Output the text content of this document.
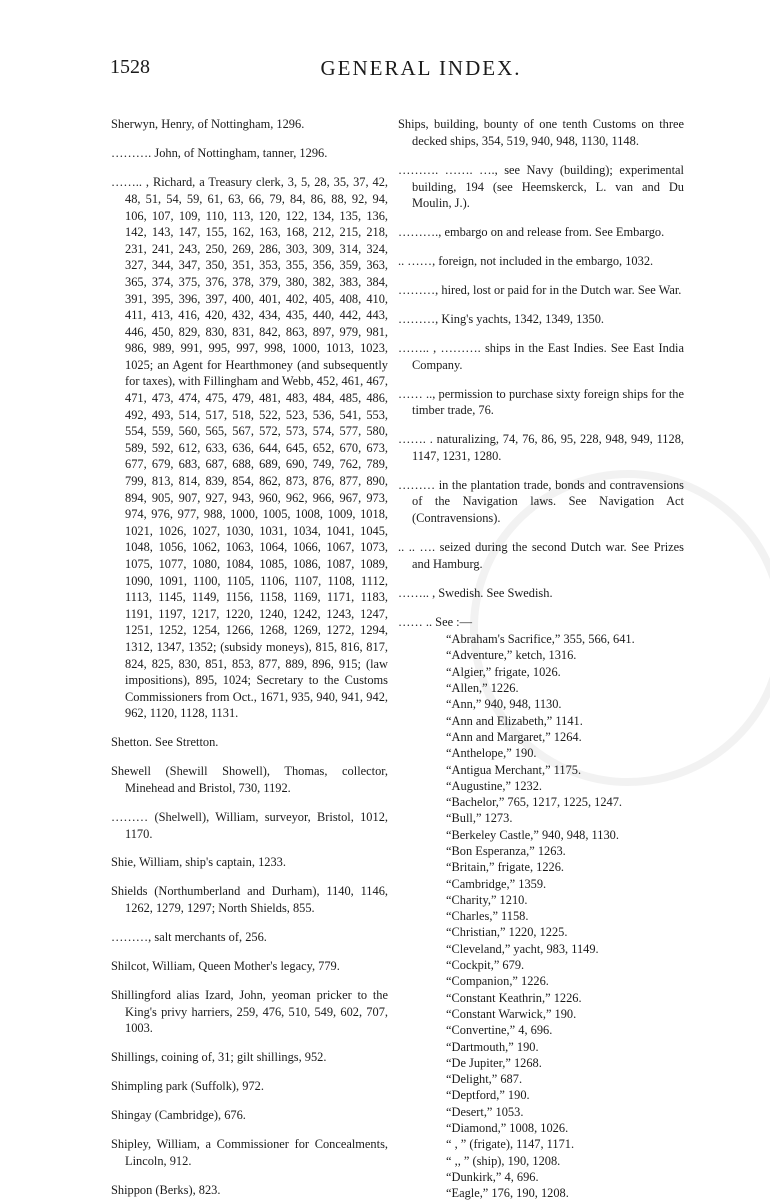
1528	GENERAL INDEX.

Sherwyn, Henry, of Nottingham, 1296.

………. John, of Nottingham, tanner, 1296.

…….. , Richard, a Treasury clerk, 3, 5, 28, 35, 37, 42, 48, 51, 54, 59, 61, 63, 66, 79, 84, 86, 88, 92, 94, 106, 107, 109, 110, 113, 120, 122, 134, 135, 136, 142, 143, 147, 155, 162, 163, 168, 212, 215, 218, 231, 241, 243, 250, 269, 286, 303, 309, 314, 324, 327, 344, 347, 350, 351, 353, 355, 356, 359, 363, 365, 374, 375, 376, 378, 379, 380, 382, 383, 384, 391, 395, 396, 397, 400, 401, 402, 405, 408, 410, 411, 413, 416, 420, 432, 434, 435, 440, 442, 443, 446, 450, 829, 830, 831, 842, 863, 897, 979, 981, 986, 989, 991, 995, 997, 998, 1000, 1013, 1023, 1025; an Agent for Hearthmoney (and subsequently for taxes), with Fillingham and Webb, 452, 461, 467, 471, 473, 474, 475, 479, 481, 483, 484, 485, 486, 492, 493, 514, 517, 518, 522, 523, 536, 541, 553, 554, 559, 560, 565, 567, 572, 573, 574, 577, 580, 589, 592, 612, 633, 636, 644, 645, 652, 670, 673, 677, 679, 683, 687, 688, 689, 690, 749, 762, 789, 799, 813, 814, 839, 854, 862, 873, 876, 877, 890, 894, 905, 907, 927, 943, 960, 962, 966, 967, 973, 974, 976, 977, 988, 1000, 1005, 1008, 1009, 1018, 1021, 1026, 1027, 1030, 1031, 1034, 1041, 1045, 1048, 1056, 1062, 1063, 1064, 1066, 1067, 1073, 1075, 1077, 1080, 1084, 1085, 1086, 1087, 1089, 1090, 1091, 1100, 1105, 1106, 1107, 1108, 1112, 1113, 1145, 1149, 1156, 1158, 1169, 1171, 1183, 1191, 1197, 1217, 1220, 1240, 1242, 1243, 1247, 1251, 1252, 1254, 1266, 1268, 1269, 1272, 1294, 1312, 1347, 1352; (subsidy moneys), 815, 816, 817, 824, 825, 830, 851, 853, 877, 889, 896, 915; (law impositions), 895, 1024; Secretary to the Customs Commissioners from Oct., 1671, 935, 940, 941, 942, 962, 1120, 1128, 1131.

Shetton. See Stretton.

Shewell (Shewill Showell), Thomas, collector, Minehead and Bristol, 730, 1192.

……… (Shelwell), William, surveyor, Bristol, 1012, 1170.

Shie, William, ship's captain, 1233.

Shields (Northumberland and Durham), 1140, 1146, 1262, 1279, 1297; North Shields, 855.

………, salt merchants of, 256.

Shilcot, William, Queen Mother's legacy, 779.

Shillingford alias Izard, John, yeoman pricker to the King's privy harriers, 259, 476, 510, 549, 602, 707, 1003.

Shillings, coining of, 31; gilt shillings, 952.

Shimpling park (Suffolk), 972.

Shingay (Cambridge), 676.

Shipley, William, a Commissioner for Concealments, Lincoln, 912.

Shippon (Berks), 823.

Ships, building, bounty of one tenth Customs on three decked ships, 354, 519, 940, 948, 1130, 1148.

………. ……. …., see Navy (building); experimental building, 194 (see Heemskerck, L. van and Du Moulin, J.).

………., embargo on and release from. See Embargo.

.. ……, foreign, not included in the embargo, 1032.

………, hired, lost or paid for in the Dutch war. See War.

………, King's yachts, 1342, 1349, 1350.

…….. , ………. ships in the East Indies. See East India Company.

…… .., permission to purchase sixty foreign ships for the timber trade, 76.

……. . naturalizing, 74, 76, 86, 95, 228, 948, 949, 1128, 1147, 1231, 1280.

……… in the plantation trade, bonds and contravensions of the Navigation laws. See Navigation Act (Contravensions).

.. .. …. seized during the second Dutch war. See Prizes and Hamburg.

…….. , Swedish. See Swedish.

…… .. See :—

“Abraham's Sacrifice,” 355, 566, 641.

“Adventure,” ketch, 1316.

“Algier,” frigate, 1026.

“Allen,” 1226.

“Ann,” 940, 948, 1130.

“Ann and Elizabeth,” 1141.

“Ann and Margaret,” 1264.

“Anthelope,” 190.

“Antigua Merchant,” 1175.

“Augustine,” 1232.

“Bachelor,” 765, 1217, 1225, 1247.

“Bull,” 1273.

“Berkeley Castle,” 940, 948, 1130.

“Bon Esperanza,” 1263.

“Britain,” frigate, 1226.

“Cambridge,” 1359.

“Charity,” 1210.

“Charles,” 1158.

“Christian,” 1220, 1225.

“Cleveland,” yacht, 983, 1149.

“Cockpit,” 679.

“Companion,” 1226.

“Constant Keathrin,” 1226.

“Constant Warwick,” 190.

“Convertine,” 4, 696.

“Dartmouth,” 190.

“De Jupiter,” 1268.

“Delight,” 687.

“Deptford,” 190.

“Desert,” 1053.

“Diamond,” 1008, 1026.

“ , ” (frigate), 1147, 1171.

“ ,, ” (ship), 190, 1208.

“Dunkirk,” 4, 696.

“Eagle,” 176, 190, 1208.
